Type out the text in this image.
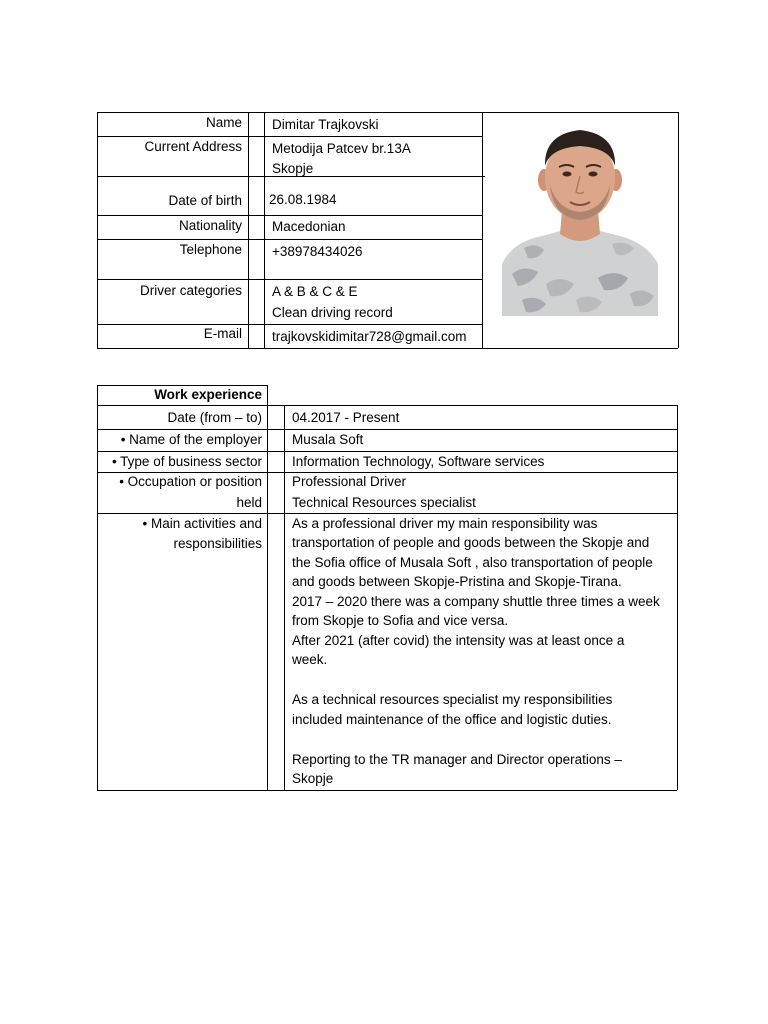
Name
Current Address
Date of birth
Nationality
Telephone
Driver categories
E-mail
Dimitar Trajkovski
Metodija Patcev br.13A
Skopje
26.08.1984
Macedonian
+38978434026
A & B & C & E
Clean driving record
trajkovskidimitar728@gmail.com
Work experience
Date (from – to)
• Name of the employer
• Type of business sector
• Occupation or position
held
• Main activities and
responsibilities
04.2017 - Present
Musala Soft
Information Technology, Software services
Professional Driver
Technical Resources specialist
As a professional driver my main responsibility was
transportation of people and goods between the Skopje and
the Sofia office of Musala Soft , also transportation of people
and goods between Skopje-Pristina and Skopje-Tirana.
2017 – 2020 there was a company shuttle three times a week
from Skopje to Sofia and vice versa.
After 2021 (after covid) the intensity was at least once a
week.
As a technical resources specialist my responsibilities
included maintenance of the office and logistic duties.
Reporting to the TR manager and Director operations –
Skopje
